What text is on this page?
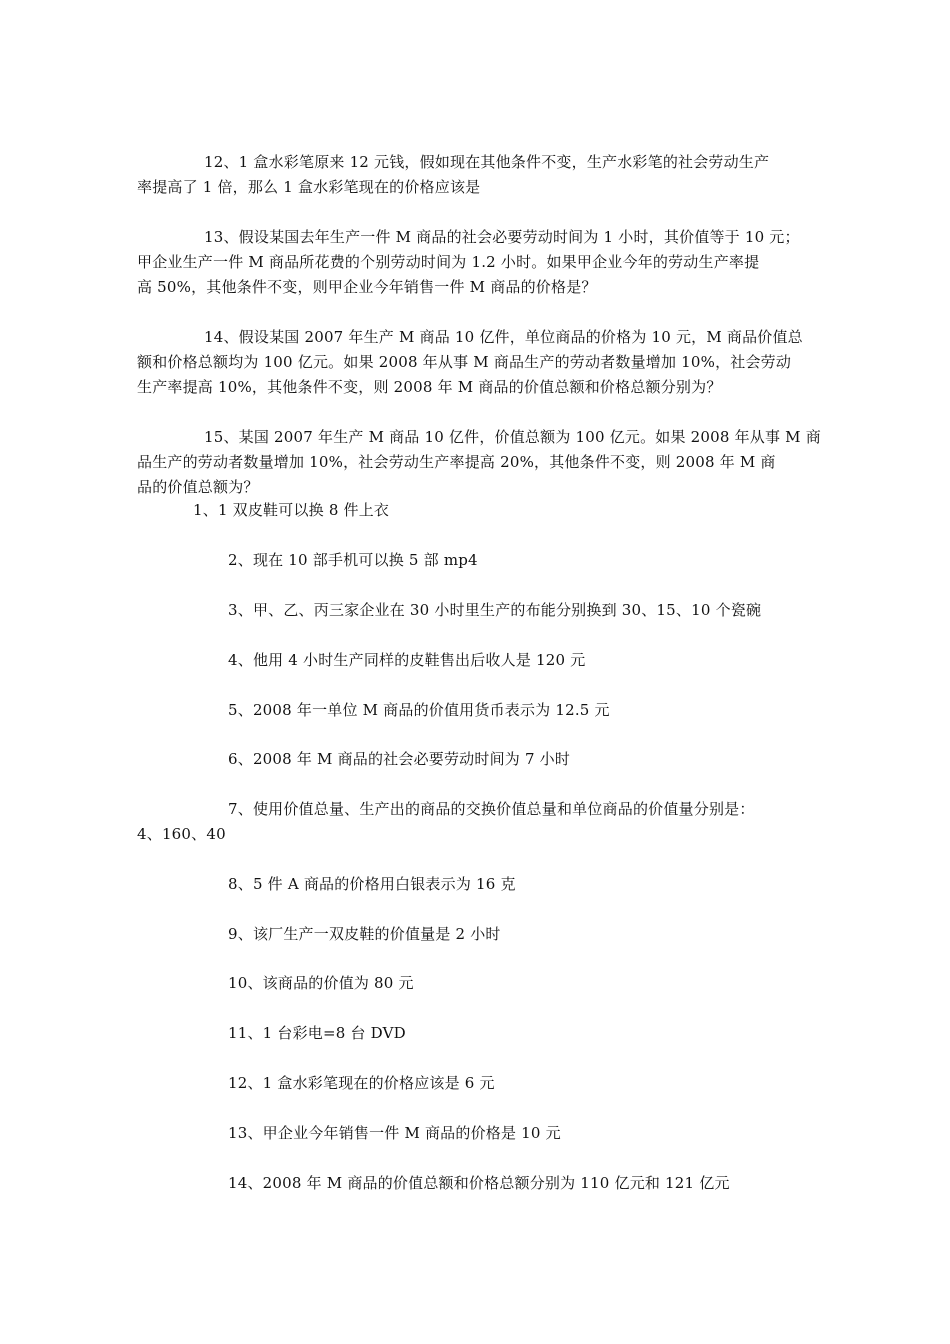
12、1 盒水彩笔原来 12 元钱，假如现在其他条件不变，生产水彩笔的社会劳动生产
率提高了 1 倍，那么 1 盒水彩笔现在的价格应该是
13、假设某国去年生产一件 M 商品的社会必要劳动时间为 1 小时，其价值等于 10 元；
甲企业生产一件 M 商品所花费的个别劳动时间为 1.2 小时。如果甲企业今年的劳动生产率提
高 50%，其他条件不变，则甲企业今年销售一件 M 商品的价格是？
14、假设某国 2007 年生产 M 商品 10 亿件，单位商品的价格为 10 元，M 商品价值总
额和价格总额均为 100 亿元。如果 2008 年从事 M 商品生产的劳动者数量增加 10%，社会劳动
生产率提高 10%，其他条件不变，则 2008 年 M 商品的价值总额和价格总额分别为？
15、某国 2007 年生产 M 商品 10 亿件，价值总额为 100 亿元。如果 2008 年从事 M 商
品生产的劳动者数量增加 10%，社会劳动生产率提高 20%，其他条件不变，则 2008 年 M 商
品的价值总额为？
1、1 双皮鞋可以换 8 件上衣
2、现在 10 部手机可以换 5 部 mp4
3、甲、乙、丙三家企业在 30 小时里生产的布能分别换到 30、15、10 个瓷碗
4、他用 4 小时生产同样的皮鞋售出后收人是 120 元
5、2008 年一单位 M 商品的价值用货币表示为 12.5 元
6、2008 年 M 商品的社会必要劳动时间为 7 小时
7、使用价值总量、生产出的商品的交换价值总量和单位商品的价值量分别是：
4、160、40
8、5 件 A 商品的价格用白银表示为 16 克
9、该厂生产一双皮鞋的价值量是 2 小时
10、该商品的价值为 80 元
11、1 台彩电=8 台 DVD
12、1 盒水彩笔现在的价格应该是 6 元
13、甲企业今年销售一件 M 商品的价格是 10 元
14、2008 年 M 商品的价值总额和价格总额分别为 110 亿元和 121 亿元
